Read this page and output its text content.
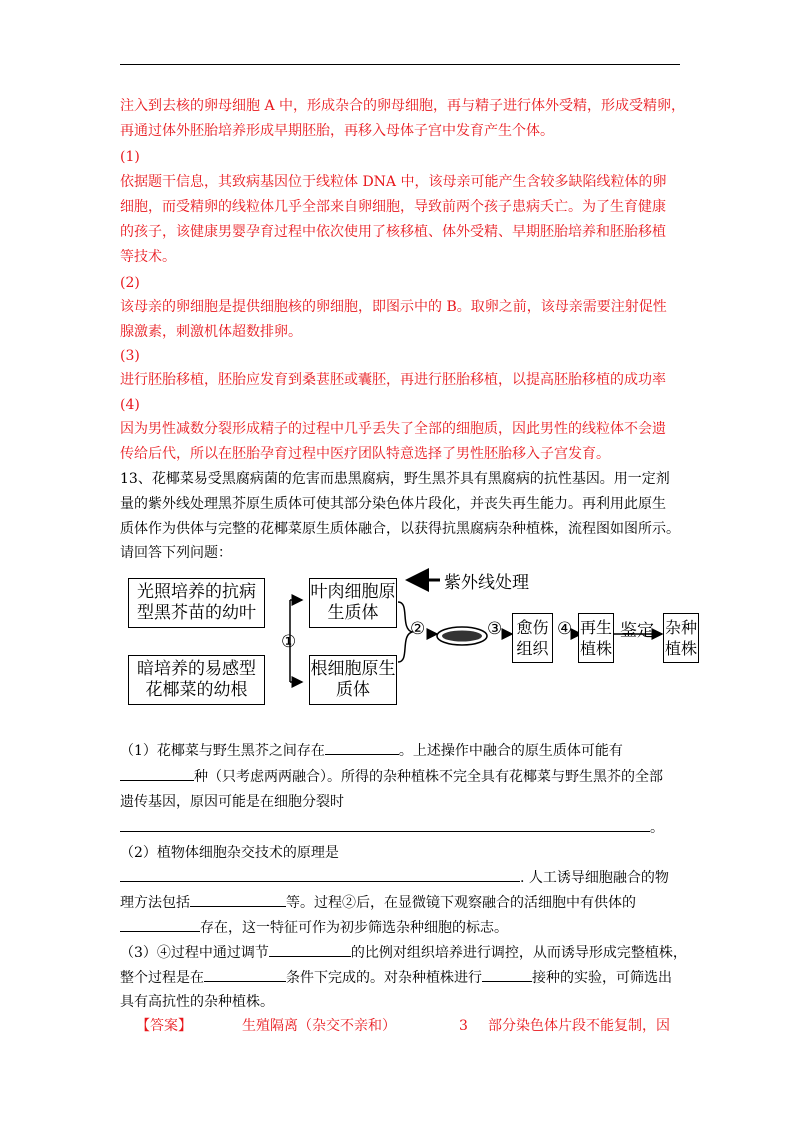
注入到去核的卵母细胞 A 中，形成杂合的卵母细胞，再与精子进行体外受精，形成受精卵，
再通过体外胚胎培养形成早期胚胎，再移入母体子宫中发育产生个体。
(1)
依据题干信息，其致病基因位于线粒体 DNA 中，该母亲可能产生含较多缺陷线粒体的卵
细胞，而受精卵的线粒体几乎全部来自卵细胞，导致前两个孩子患病夭亡。为了生育健康
的孩子，该健康男婴孕育过程中依次使用了核移植、体外受精、早期胚胎培养和胚胎移植
等技术。
(2)
该母亲的卵细胞是提供细胞核的卵细胞，即图示中的 B。取卵之前，该母亲需要注射促性
腺激素，刺激机体超数排卵。
(3)
进行胚胎移植，胚胎应发育到桑葚胚或囊胚，再进行胚胎移植，以提高胚胎移植的成功率
(4)
因为男性减数分裂形成精子的过程中几乎丢失了全部的细胞质，因此男性的线粒体不会遗
传给后代，所以在胚胎孕育过程中医疗团队特意选择了男性胚胎移入子宫发育。
13、花椰菜易受黑腐病菌的危害而患黑腐病，野生黑芥具有黑腐病的抗性基因。用一定剂
量的紫外线处理黑芥原生质体可使其部分染色体片段化，并丧失再生能力。再利用此原生
质体作为供体与完整的花椰菜原生质体融合，以获得抗黑腐病杂种植株，流程图如图所示。
请回答下列问题：
光照培养的抗病型黑芥苗的幼叶
暗培养的易感型花椰菜的幼根
叶肉细胞原生质体
根细胞原生质体
紫外线处理
①
②	③ 愈伤组织
④ 再生植株
鉴定 杂种植株
（1）花椰菜与野生黑芥之间存在	。上述操作中融合的原生质体可能有
种（只考虑两两融合）。所得的杂种植株不完全具有花椰菜与野生黑芥的全部
遗传基因，原因可能是在细胞分裂时
。
（2）植物体细胞杂交技术的原理是
. 人工诱导细胞融合的物
理方法包括	等。过程②后，在显微镜下观察融合的活细胞中有供体的
存在，这一特征可作为初步筛选杂种细胞的标志。
（3）④过程中通过调节	的比例对组织培养进行调控，从而诱导形成完整植株，
整个过程是在	条件下完成的。对杂种植株进行	接种的实验，可筛选出
具有高抗性的杂种植株。
【答案】	生殖隔离（杂交不亲和）	3 部分染色体片段不能复制，因
